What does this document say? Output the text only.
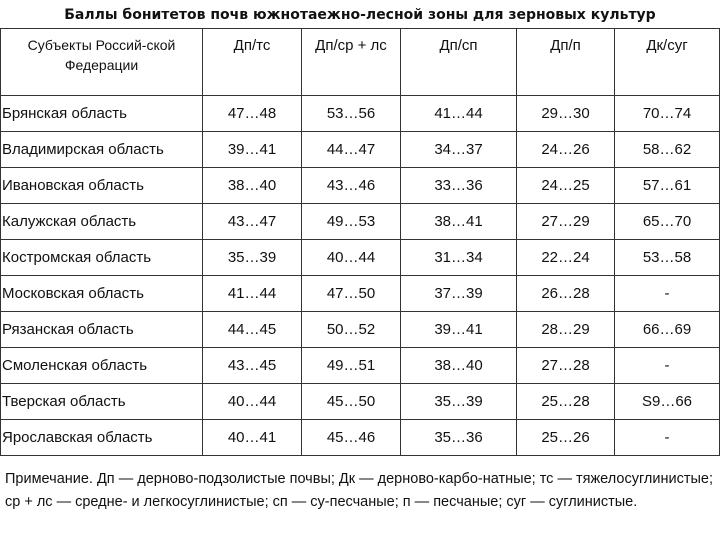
Баллы бонитетов почв южнотаежно-лесной зоны для зерновых культур
Субъекты Россий-ской Федерации	Дп/тс	Дп/ср + лс	Дп/сп	Дп/п	Дк/суг
Брянская область	47…48	53…56	41…44	29…30	70…74
Владимирская область	39…41	44…47	34…37	24…26	58…62
Ивановская область	38…40	43…46	33…36	24…25	57…61
Калужская область	43…47	49…53	38…41	27…29	65…70
Костромская область	35…39	40…44	31…34	22…24	53…58
Московская область	41…44	47…50	37…39	26…28	-
Рязанская область	44…45	50…52	39…41	28…29	66…69
Смоленская область	43…45	49…51	38…40	27…28	-
Тверская область	40…44	45…50	35…39	25…28	S9…66
Ярославская область	40…41	45…46	35…36	25…26	-
Примечание. Дп — дерново-подзолистые почвы; Дк — дерново-карбо-натные; тс — тяжелосуглинистые; ср + лс — средне- и легкосуглинистые; сп — су-песчаные; п — песчаные; суг — суглинистые.
